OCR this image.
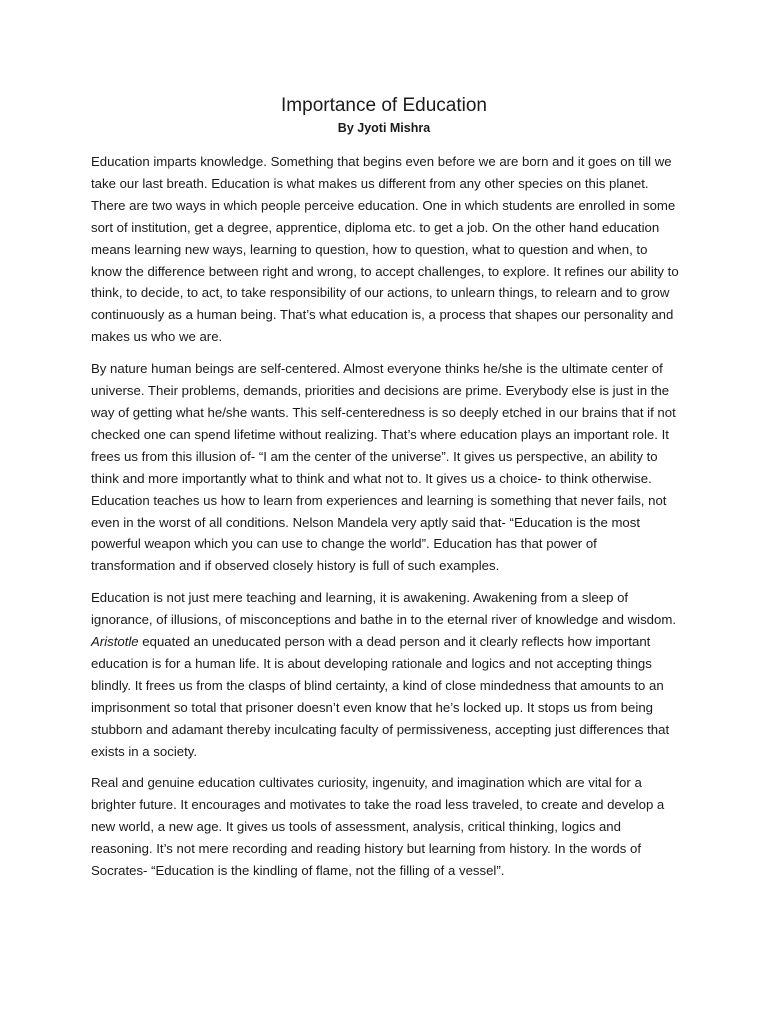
Importance of Education
By Jyoti Mishra

Education imparts knowledge. Something that begins even before we are born and it goes on till we take our last breath. Education is what makes us different from any other species on this planet. There are two ways in which people perceive education. One in which students are enrolled in some sort of institution, get a degree, apprentice, diploma etc. to get a job. On the other hand education means learning new ways, learning to question, how to question, what to question and when, to know the difference between right and wrong, to accept challenges, to explore. It refines our ability to think, to decide, to act, to take responsibility of our actions, to unlearn things, to relearn and to grow continuously as a human being. That’s what education is, a process that shapes our personality and makes us who we are.

By nature human beings are self-centered. Almost everyone thinks he/she is the ultimate center of universe. Their problems, demands, priorities and decisions are prime. Everybody else is just in the way of getting what he/she wants. This self-centeredness is so deeply etched in our brains that if not checked one can spend lifetime without realizing. That’s where education plays an important role. It frees us from this illusion of- “I am the center of the universe”. It gives us perspective, an ability to think and more importantly what to think and what not to. It gives us a choice- to think otherwise. Education teaches us how to learn from experiences and learning is something that never fails, not even in the worst of all conditions. Nelson Mandela very aptly said that- “Education is the most powerful weapon which you can use to change the world”. Education has that power of transformation and if observed closely history is full of such examples.

Education is not just mere teaching and learning, it is awakening. Awakening from a sleep of ignorance, of illusions, of misconceptions and bathe in to the eternal river of knowledge and wisdom. Aristotle equated an uneducated person with a dead person and it clearly reflects how important education is for a human life. It is about developing rationale and logics and not accepting things blindly. It frees us from the clasps of blind certainty, a kind of close mindedness that amounts to an imprisonment so total that prisoner doesn’t even know that he’s locked up. It stops us from being stubborn and adamant thereby inculcating faculty of permissiveness, accepting just differences that exists in a society.

Real and genuine education cultivates curiosity, ingenuity, and imagination which are vital for a brighter future. It encourages and motivates to take the road less traveled, to create and develop a new world, a new age. It gives us tools of assessment, analysis, critical thinking, logics and reasoning. It’s not mere recording and reading history but learning from history. In the words of Socrates- “Education is the kindling of flame, not the filling of a vessel”.
